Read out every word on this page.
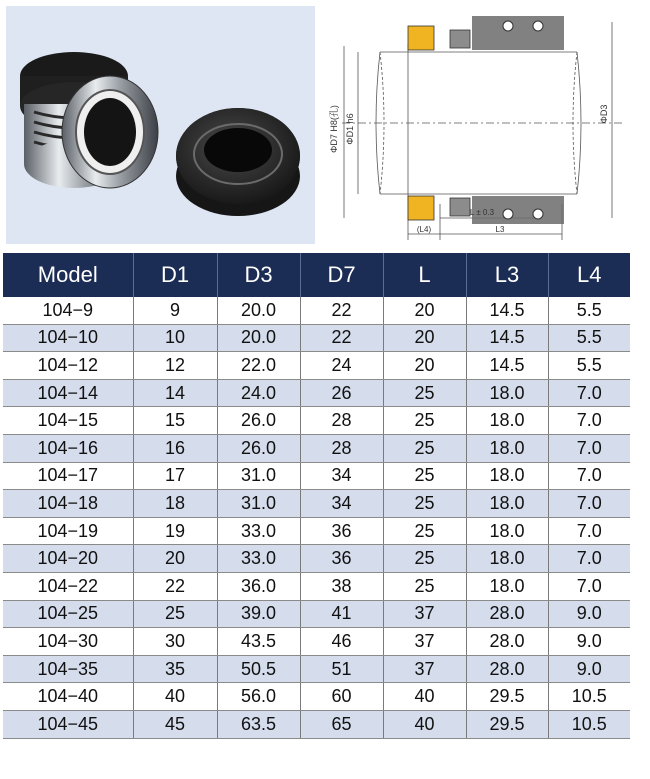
ΦD7 H8(孔) ΦD1 h6	ΦD3
L ± 0.3
(L4)	L3
Model	D1	D3	D7	L	L3	L4
104−9	9	20.0	22	20	14.5	5.5
104−10	10	20.0	22	20	14.5	5.5
104−12	12	22.0	24	20	14.5	5.5
104−14	14	24.0	26	25	18.0	7.0
104−15	15	26.0	28	25	18.0	7.0
104−16	16	26.0	28	25	18.0	7.0
104−17	17	31.0	34	25	18.0	7.0
104−18	18	31.0	34	25	18.0	7.0
104−19	19	33.0	36	25	18.0	7.0
104−20	20	33.0	36	25	18.0	7.0
104−22	22	36.0	38	25	18.0	7.0
104−25	25	39.0	41	37	28.0	9.0
104−30	30	43.5	46	37	28.0	9.0
104−35	35	50.5	51	37	28.0	9.0
104−40	40	56.0	60	40	29.5	10.5
104−45	45	63.5	65	40	29.5	10.5
